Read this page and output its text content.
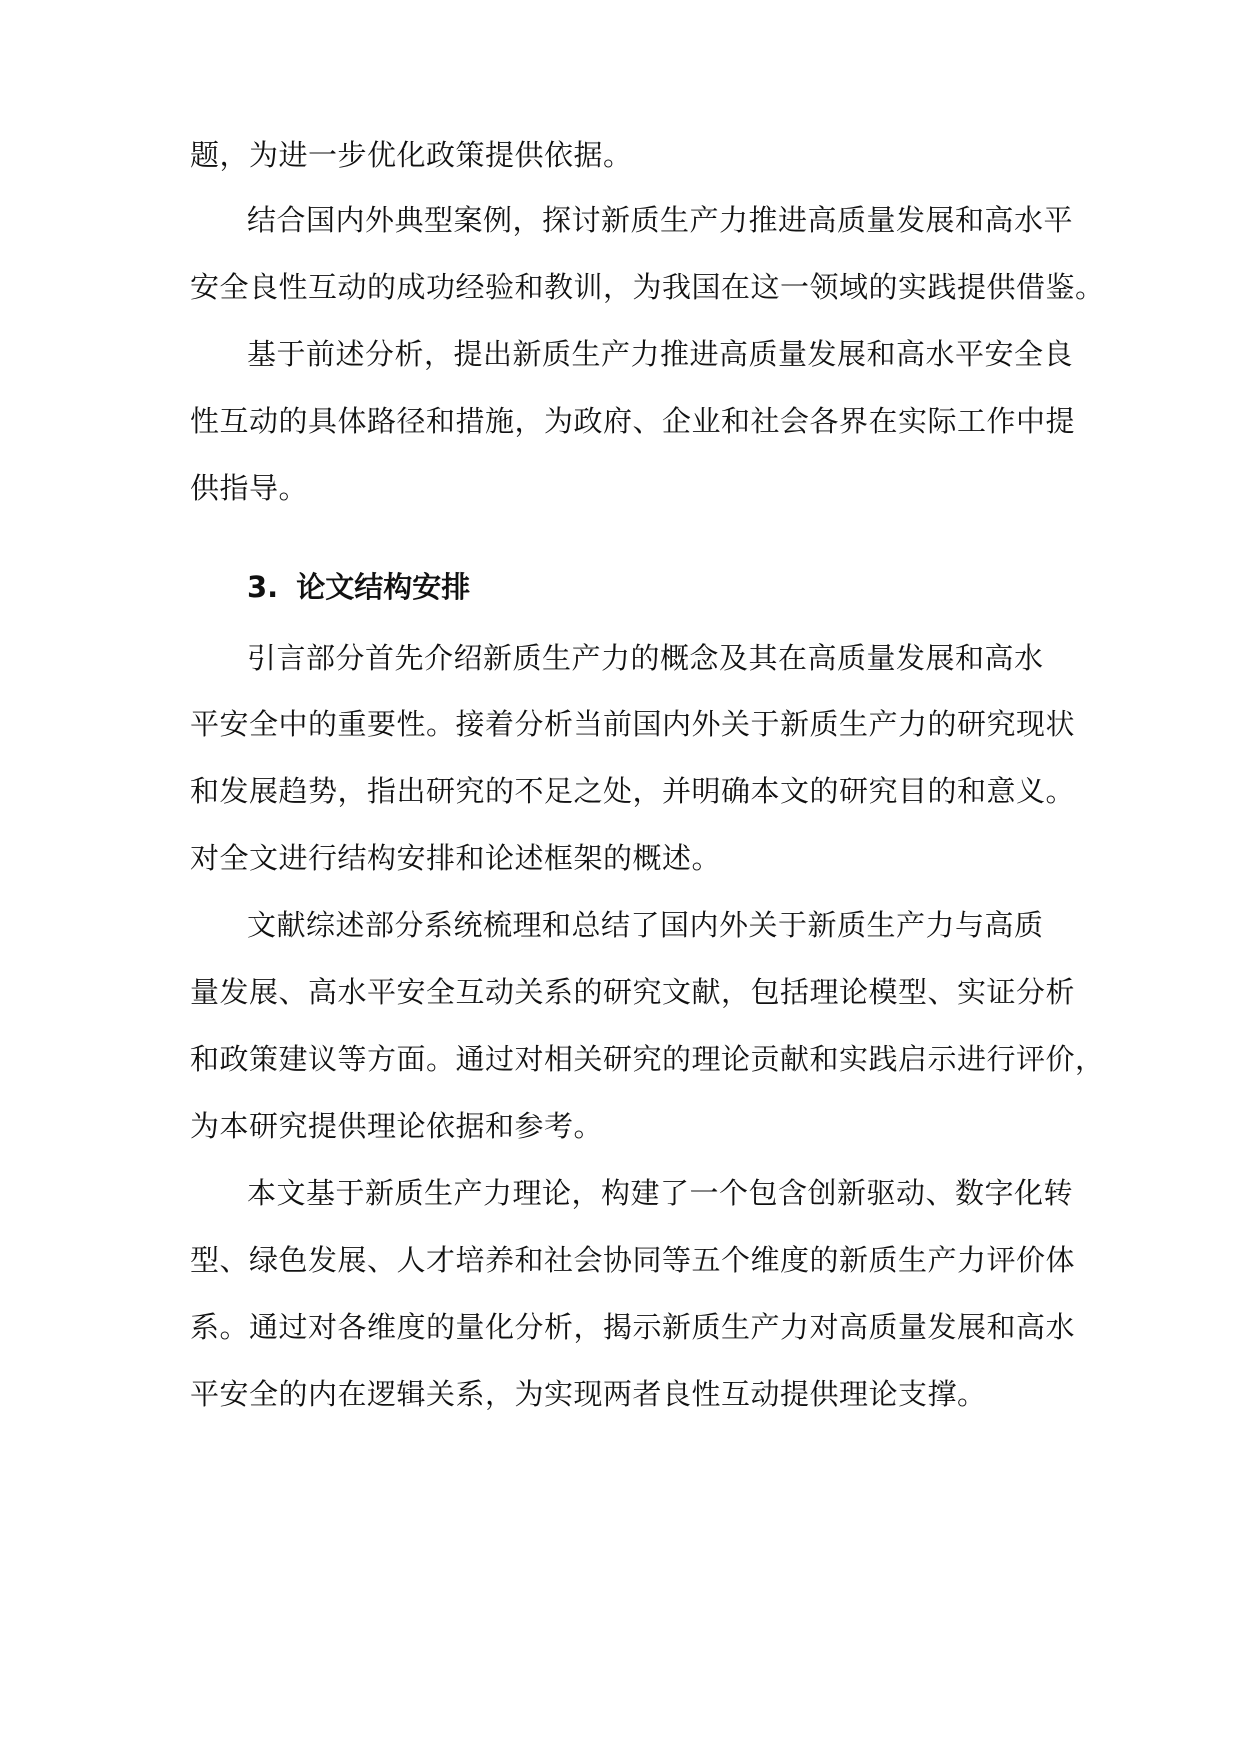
题，为进一步优化政策提供依据。
结合国内外典型案例，探讨新质生产力推进高质量发展和高水平
安全良性互动的成功经验和教训，为我国在这一领域的实践提供借鉴。
基于前述分析，提出新质生产力推进高质量发展和高水平安全良
性互动的具体路径和措施，为政府、企业和社会各界在实际工作中提
供指导。
3. 论文结构安排
引言部分首先介绍新质生产力的概念及其在高质量发展和高水
平安全中的重要性。接着分析当前国内外关于新质生产力的研究现状
和发展趋势，指出研究的不足之处，并明确本文的研究目的和意义。
对全文进行结构安排和论述框架的概述。
文献综述部分系统梳理和总结了国内外关于新质生产力与高质
量发展、高水平安全互动关系的研究文献，包括理论模型、实证分析
和政策建议等方面。通过对相关研究的理论贡献和实践启示进行评价，
为本研究提供理论依据和参考。
本文基于新质生产力理论，构建了一个包含创新驱动、数字化转
型、绿色发展、人才培养和社会协同等五个维度的新质生产力评价体
系。通过对各维度的量化分析，揭示新质生产力对高质量发展和高水
平安全的内在逻辑关系，为实现两者良性互动提供理论支撑。
